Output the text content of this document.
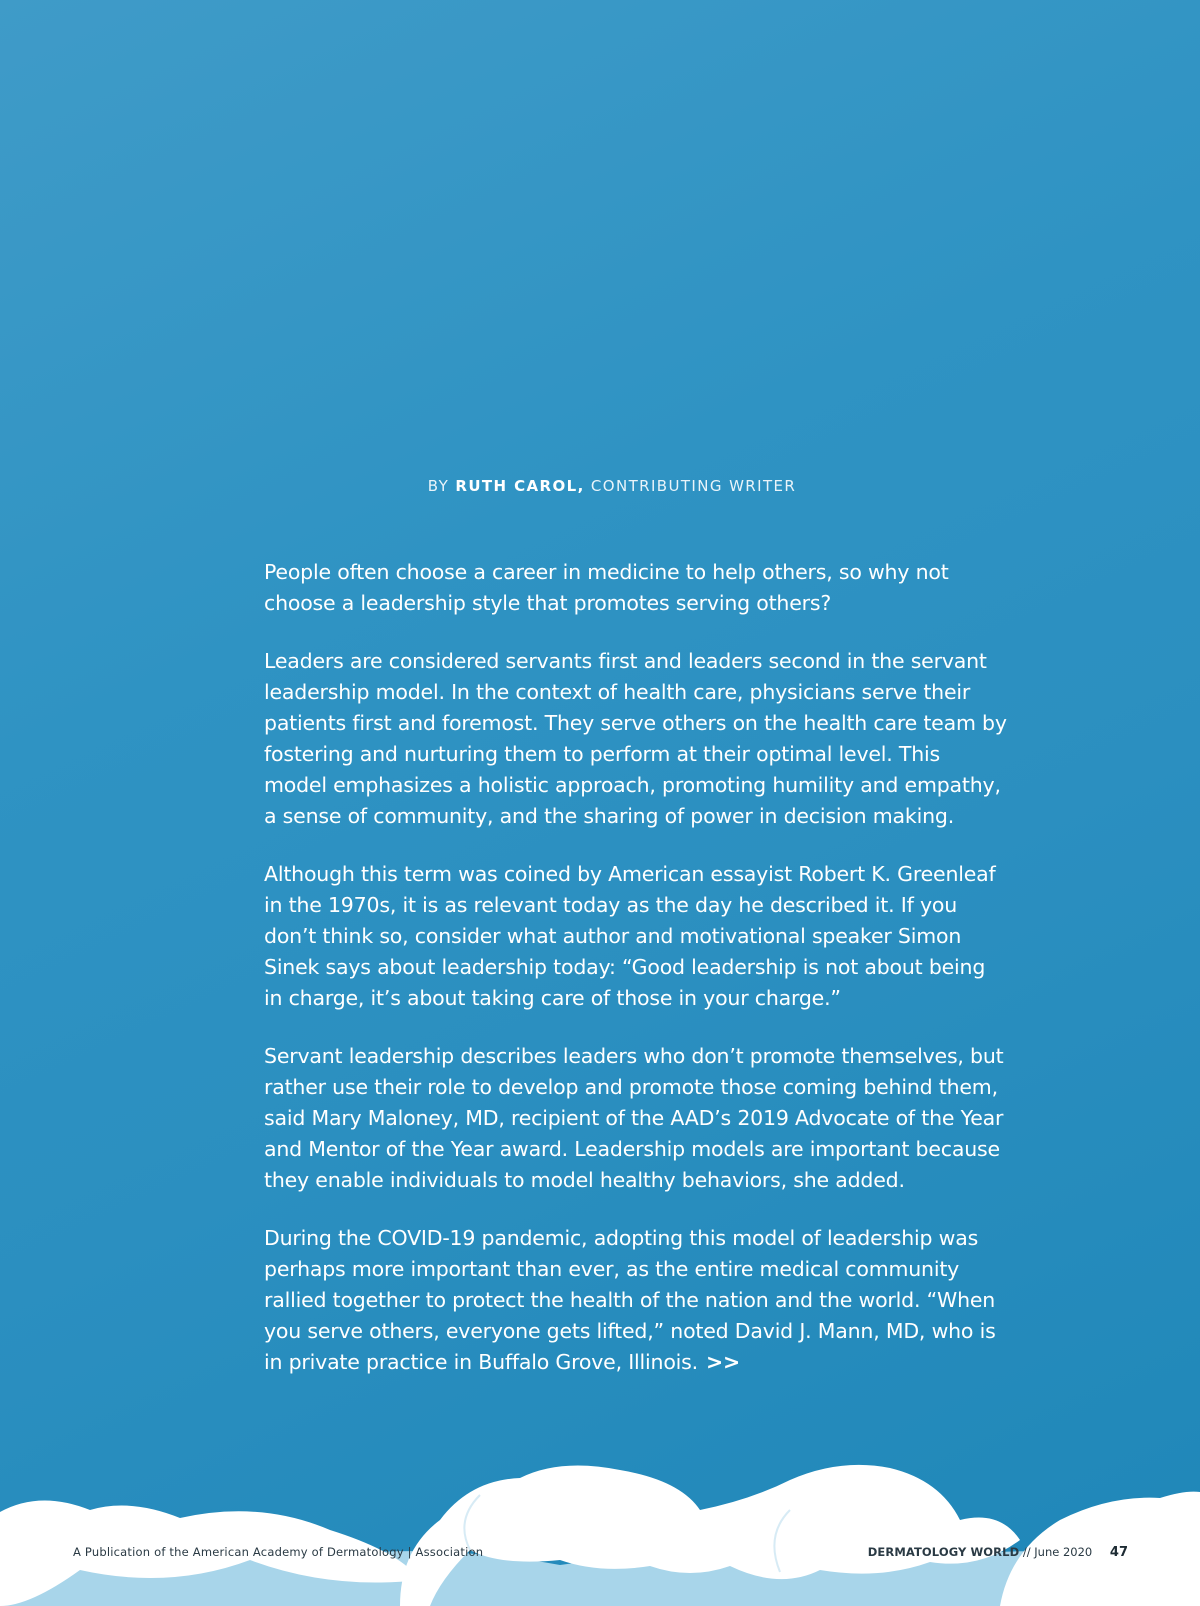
BY RUTH CAROL, CONTRIBUTING WRITER

People often choose a career in medicine to help others, so why not choose a leadership style that promotes serving others?

Leaders are considered servants first and leaders second in the servant leadership model. In the context of health care, physicians serve their patients first and foremost. They serve others on the health care team by fostering and nurturing them to perform at their optimal level. This model emphasizes a holistic approach, promoting humility and empathy, a sense of community, and the sharing of power in decision making.

Although this term was coined by American essayist Robert K. Greenleaf in the 1970s, it is as relevant today as the day he described it. If you don’t think so, consider what author and motivational speaker Simon Sinek says about leadership today: “Good leadership is not about being in charge, it’s about taking care of those in your charge.”

Servant leadership describes leaders who don’t promote themselves, but rather use their role to develop and promote those coming behind them, said Mary Maloney, MD, recipient of the AAD’s 2019 Advocate of the Year and Mentor of the Year award. Leadership models are important because they enable individuals to model healthy behaviors, she added.

During the COVID-19 pandemic, adopting this model of leadership was perhaps more important than ever, as the entire medical community rallied together to protect the health of the nation and the world. “When you serve others, everyone gets lifted,” noted David J. Mann, MD, who is in private practice in Buffalo Grove, Illinois. >>

A Publication of the American Academy of Dermatology | Association	DERMATOLOGY WORLD // June 2020 47
